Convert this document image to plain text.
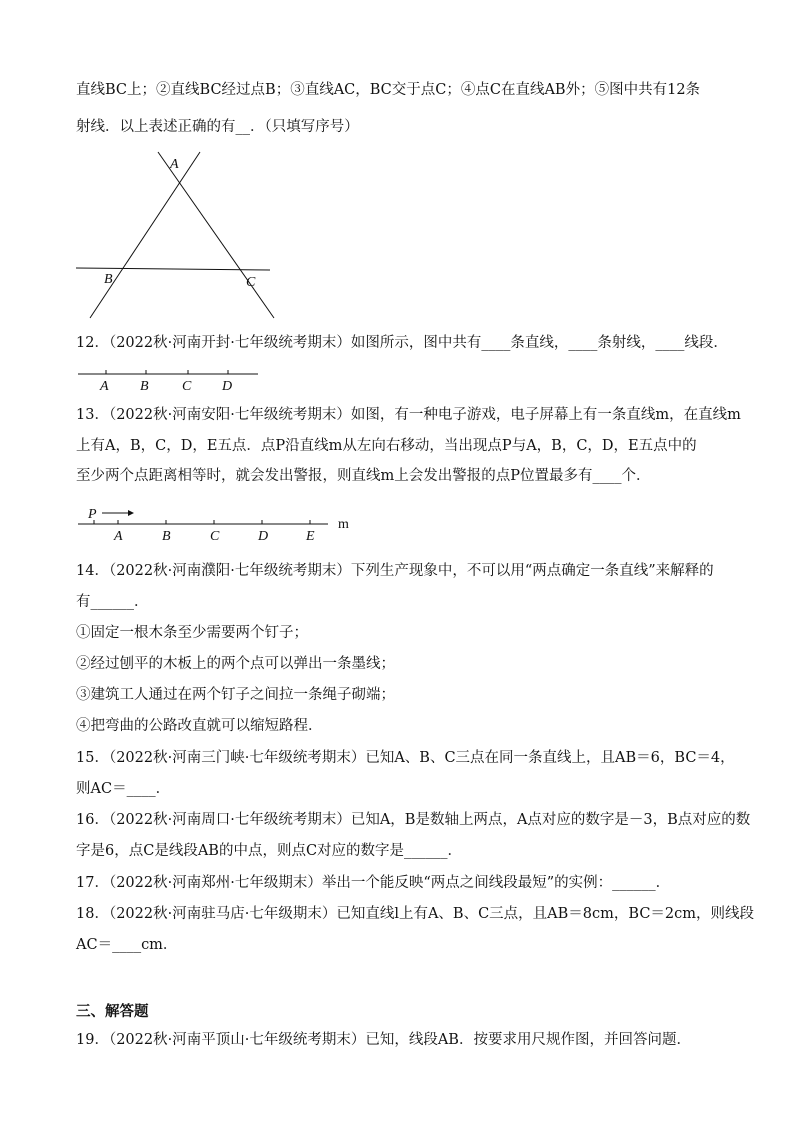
直线BC上；②直线BC经过点B；③直线AC，BC交于点C；④点C在直线AB外；⑤图中共有12条
射线．以上表述正确的有__．（只填写序号）
A
B	C
12．（2022秋·河南开封·七年级统考期末）如图所示，图中共有____条直线，____条射线，____线段．
A B C D
13．（2022秋·河南安阳·七年级统考期末）如图，有一种电子游戏，电子屏幕上有一条直线m，在直线m
上有A，B，C，D，E五点．点P沿直线m从左向右移动，当出现点P与A，B，C，D，E五点中的
至少两个点距离相等时，就会发出警报，则直线m上会发出警报的点P位置最多有____个．
P
A	B	C	D	E
m
14．（2022秋·河南濮阳·七年级统考期末）下列生产现象中，不可以用“两点确定一条直线”来解释的
有______．
①固定一根木条至少需要两个钉子；
②经过刨平的木板上的两个点可以弹出一条墨线；
③建筑工人通过在两个钉子之间拉一条绳子砌端；
④把弯曲的公路改直就可以缩短路程．
15．（2022秋·河南三门峡·七年级统考期末）已知A、B、C三点在同一条直线上，且AB＝6，BC＝4，
则AC＝____．
16．（2022秋·河南周口·七年级统考期末）已知A，B是数轴上两点，A点对应的数字是－3，B点对应的数
字是6，点C是线段AB的中点，则点C对应的数字是______．
17．（2022秋·河南郑州·七年级期末）举出一个能反映“两点之间线段最短”的实例：______．
18．（2022秋·河南驻马店·七年级期末）已知直线l上有A、B、C三点，且AB＝8cm，BC＝2cm，则线段
AC＝____cm．
三、解答题
19．（2022秋·河南平顶山·七年级统考期末）已知，线段AB．按要求用尺规作图，并回答问题．
